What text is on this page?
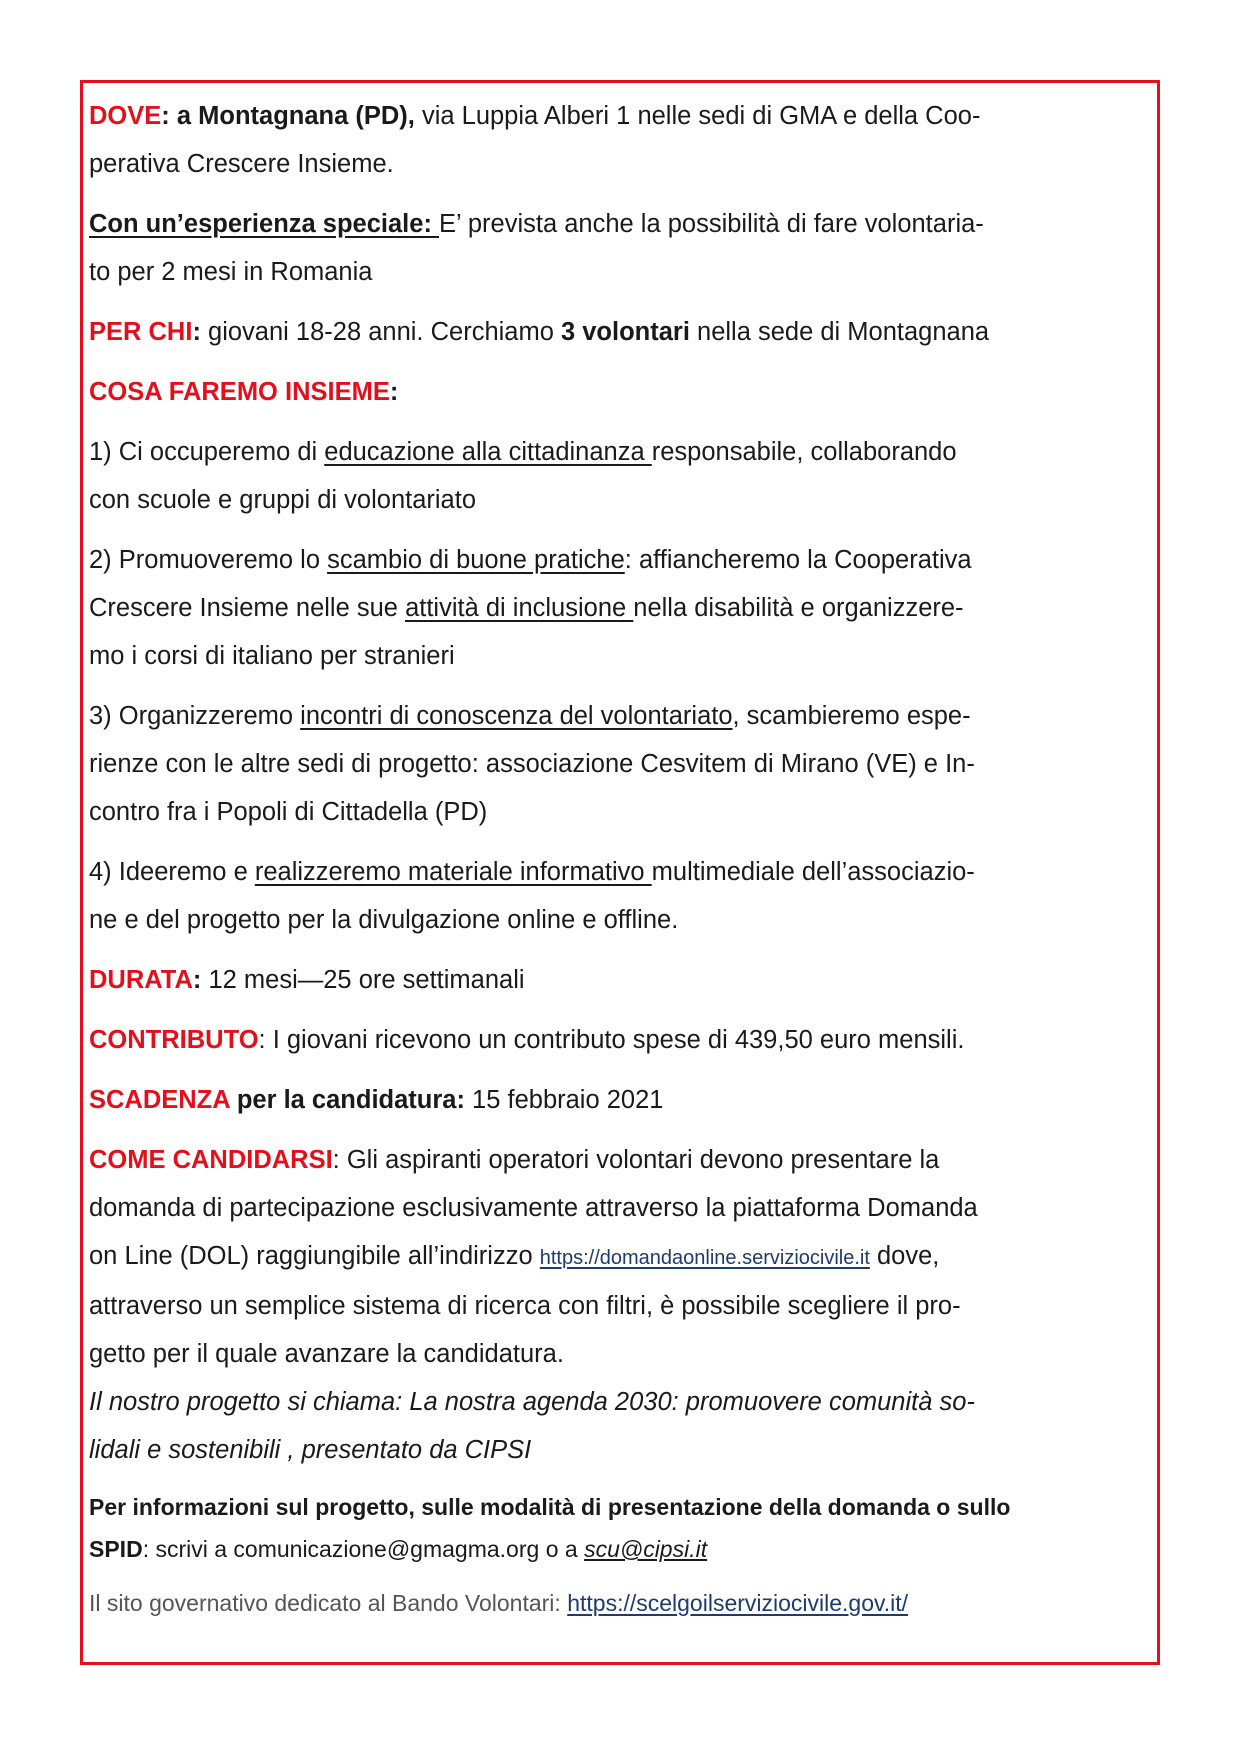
DOVE: a Montagnana (PD), via Luppia Alberi 1 nelle sedi di GMA e della Coo-
perativa Crescere Insieme.

Con un’esperienza speciale: E’ prevista anche la possibilità di fare volontaria-
to per 2 mesi in Romania

PER CHI: giovani 18-28 anni. Cerchiamo 3 volontari nella sede di Montagnana

COSA FAREMO INSIEME:

1) Ci occuperemo di educazione alla cittadinanza responsabile, collaborando
con scuole e gruppi di volontariato

2) Promuoveremo lo scambio di buone pratiche: affiancheremo la Cooperativa
Crescere Insieme nelle sue attività di inclusione nella disabilità e organizzere-
mo i corsi di italiano per stranieri

3) Organizzeremo incontri di conoscenza del volontariato, scambieremo espe-
rienze con le altre sedi di progetto: associazione Cesvitem di Mirano (VE) e In-
contro fra i Popoli di Cittadella (PD)

4) Ideeremo e realizzeremo materiale informativo multimediale dell’associazio-
ne e del progetto per la divulgazione online e offline.

DURATA: 12 mesi—25 ore settimanali

CONTRIBUTO: I giovani ricevono un contributo spese di 439,50 euro mensili.

SCADENZA per la candidatura: 15 febbraio 2021

COME CANDIDARSI: Gli aspiranti operatori volontari devono presentare la
domanda di partecipazione esclusivamente attraverso la piattaforma Domanda
on Line (DOL) raggiungibile all’indirizzo https://domandaonline.serviziocivile.it dove,
attraverso un semplice sistema di ricerca con filtri, è possibile scegliere il pro-
getto per il quale avanzare la candidatura.
Il nostro progetto si chiama: La nostra agenda 2030: promuovere comunità so-
lidali e sostenibili , presentato da CIPSI

Per informazioni sul progetto, sulle modalità di presentazione della domanda o sullo
SPID: scrivi a comunicazione@gmagma.org o a scu@cipsi.it

Il sito governativo dedicato al Bando Volontari: https://scelgoilserviziocivile.gov.it/
